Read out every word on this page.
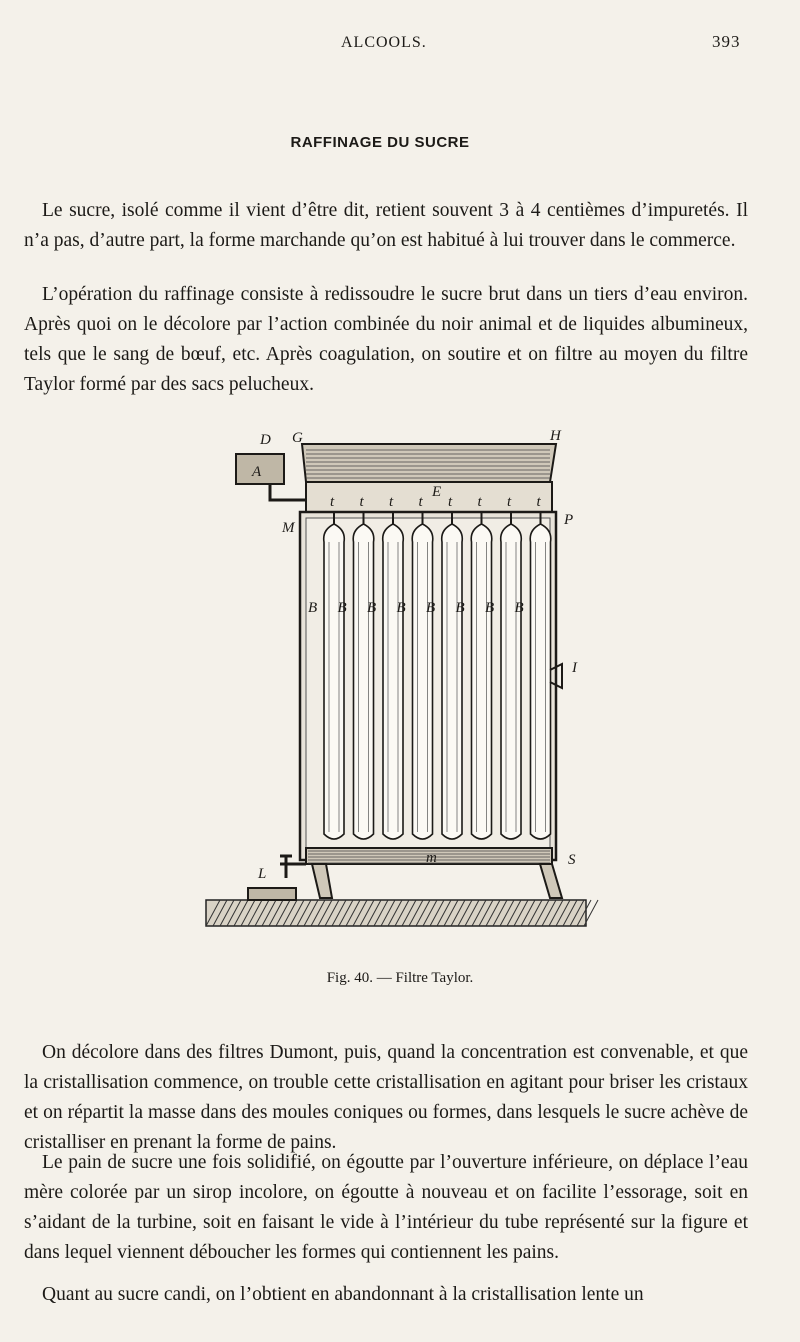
ALCOOLS.	393
RAFFINAGE DU SUCRE

Le sucre, isolé comme il vient d’être dit, retient souvent 3 à 4 centièmes d’impuretés. Il n’a pas, d’autre part, la forme marchande qu’on est habitué à lui trouver dans le commerce.

L’opération du raffinage consiste à redissoudre le sucre brut dans un tiers d’eau environ. Après quoi on le décolore par l’action combinée du noir animal et de liquides albumineux, tels que le sang de bœuf, etc. Après coagulation, on soutire et on filtre au moyen du filtre Taylor formé par des sacs pelucheux.

D G	H
A
E
M	P
I
L
S
m
t t t t t t t t
B B B B B B B B
Fig. 40. — Filtre Taylor.

On décolore dans des filtres Dumont, puis, quand la concentration est convenable, et que la cristallisation commence, on trouble cette cristallisation en agitant pour briser les cristaux et on répartit la masse dans des moules coniques ou formes, dans lesquels le sucre achève de cristalliser en prenant la forme de pains.

Le pain de sucre une fois solidifié, on égoutte par l’ouverture inférieure, on déplace l’eau mère colorée par un sirop incolore, on égoutte à nouveau et on facilite l’essorage, soit en s’aidant de la turbine, soit en faisant le vide à l’intérieur du tube représenté sur la figure et dans lequel viennent déboucher les formes qui contiennent les pains.

Quant au sucre candi, on l’obtient en abandonnant à la cristallisation lente un
